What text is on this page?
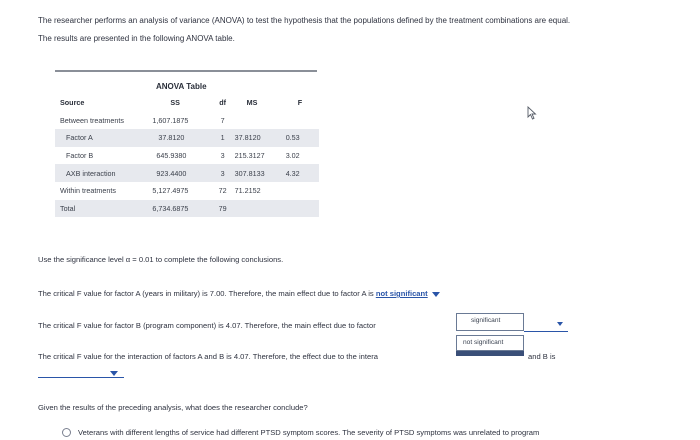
The researcher performs an analysis of variance (ANOVA) to test the hypothesis that the populations defined by the treatment combinations are equal.
The results are presented in the following ANOVA table.
ANOVA Table
Source	SS	df	MS	F
Between treatments	1,607.1875	7		
Factor A	37.8120	1	37.8120	0.53
Factor B	645.9380	3	215.3127	3.02
AXB interaction	923.4400	3	307.8133	4.32
Within treatments	5,127.4975	72	71.2152	
Total	6,734.6875	79		
Use the significance level α = 0.01 to complete the following conclusions.
The critical F value for factor A (years in military) is 7.00. Therefore, the main effect due to factor A is not significant
The critical F value for factor B (program component) is 4.07. Therefore, the main effect due to factor
significant
The critical F value for the interaction of factors A and B is 4.07. Therefore, the effect due to the intera
not significant
and B is
Given the results of the preceding analysis, what does the researcher conclude?
Veterans with different lengths of service had different PTSD symptom scores. The severity of PTSD symptoms was unrelated to program
